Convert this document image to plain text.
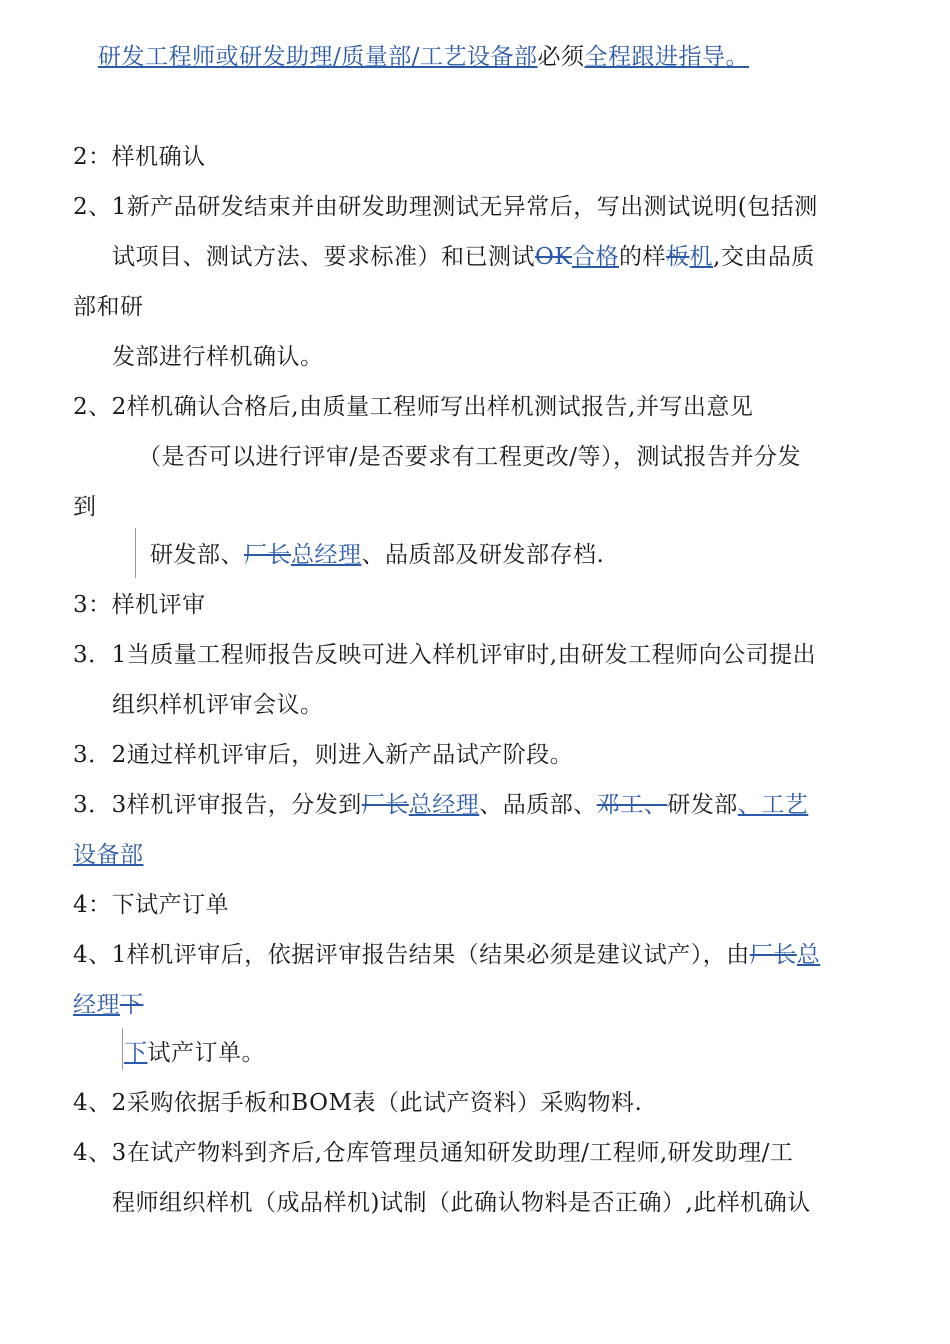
研发工程师或研发助理/质量部/工艺设备部必须全程跟进指导。
2：样机确认
2、1新产品研发结束并由研发助理测试无异常后，写出测试说明(包括测
试项目、测试方法、要求标准）和已测试OK合格的样板机,交由品质
部和研
发部进行样机确认。
2、2样机确认合格后,由质量工程师写出样机测试报告,并写出意见
（是否可以进行评审/是否要求有工程更改/等），测试报告并分发
到
研发部、厂长总经理、品质部及研发部存档.
3：样机评审
3．1当质量工程师报告反映可进入样机评审时,由研发工程师向公司提出
组织样机评审会议。
3．2通过样机评审后，则进入新产品试产阶段。
3．3样机评审报告，分发到厂长总经理、品质部、邓工、研发部、工艺
设备部
4：下试产订单
4、1样机评审后，依据评审报告结果（结果必须是建议试产），由厂长总
经理下
下试产订单。
4、2采购依据手板和BOM表（此试产资料）采购物料.
4、3在试产物料到齐后,仓库管理员通知研发助理/工程师,研发助理/工
程师组织样机（成品样机)试制（此确认物料是否正确）,此样机确认
